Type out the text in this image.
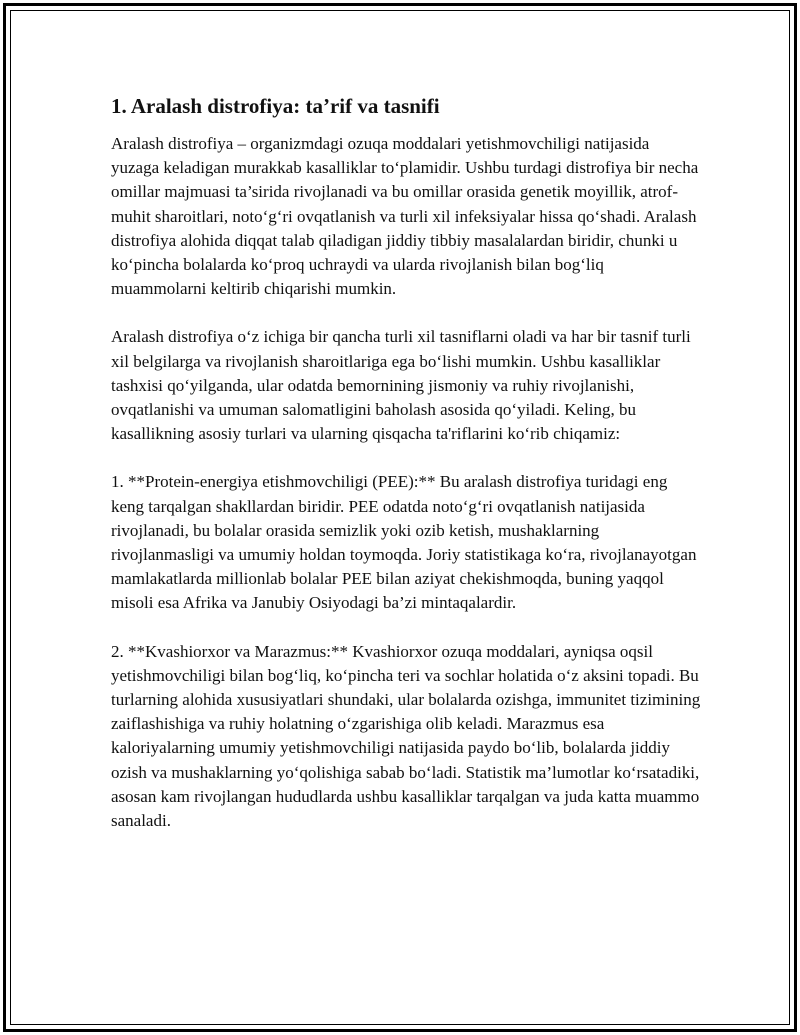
1. Aralash distrofiya: ta’rif va tasnifi

Aralash distrofiya – organizmdagi ozuqa moddalari yetishmovchiligi natijasida yuzaga keladigan murakkab kasalliklar to‘plamidir. Ushbu turdagi distrofiya bir necha omillar majmuasi ta’sirida rivojlanadi va bu omillar orasida genetik moyillik, atrof-muhit sharoitlari, noto‘g‘ri ovqatlanish va turli xil infeksiyalar hissa qo‘shadi. Aralash distrofiya alohida diqqat talab qiladigan jiddiy tibbiy masalalardan biridir, chunki u ko‘pincha bolalarda ko‘proq uchraydi va ularda rivojlanish bilan bog‘liq muammolarni keltirib chiqarishi mumkin.

Aralash distrofiya o‘z ichiga bir qancha turli xil tasniflarni oladi va har bir tasnif turli xil belgilarga va rivojlanish sharoitlariga ega bo‘lishi mumkin. Ushbu kasalliklar tashxisi qo‘yilganda, ular odatda bemornining jismoniy va ruhiy rivojlanishi, ovqatlanishi va umuman salomatligini baholash asosida qo‘yiladi. Keling, bu kasallikning asosiy turlari va ularning qisqacha ta'riflarini ko‘rib chiqamiz:

1. **Protein-energiya etishmovchiligi (PEE):** Bu aralash distrofiya turidagi eng keng tarqalgan shakllardan biridir. PEE odatda noto‘g‘ri ovqatlanish natijasida rivojlanadi, bu bolalar orasida semizlik yoki ozib ketish, mushaklarning rivojlanmasligi va umumiy holdan toymoqda. Joriy statistikaga ko‘ra, rivojlanayotgan mamlakatlarda millionlab bolalar PEE bilan aziyat chekishmoqda, buning yaqqol misoli esa Afrika va Janubiy Osiyodagi ba’zi mintaqalardir.

2. **Kvashiorxor va Marazmus:** Kvashiorxor ozuqa moddalari, ayniqsa oqsil yetishmovchiligi bilan bog‘liq, ko‘pincha teri va sochlar holatida o‘z aksini topadi. Bu turlarning alohida xususiyatlari shundaki, ular bolalarda ozishga, immunitet tizimining zaiflashishiga va ruhiy holatning o‘zgarishiga olib keladi. Marazmus esa kaloriyalarning umumiy yetishmovchiligi natijasida paydo bo‘lib, bolalarda jiddiy ozish va mushaklarning yo‘qolishiga sabab bo‘ladi. Statistik ma’lumotlar ko‘rsatadiki, asosan kam rivojlangan hududlarda ushbu kasalliklar tarqalgan va juda katta muammo sanaladi.
